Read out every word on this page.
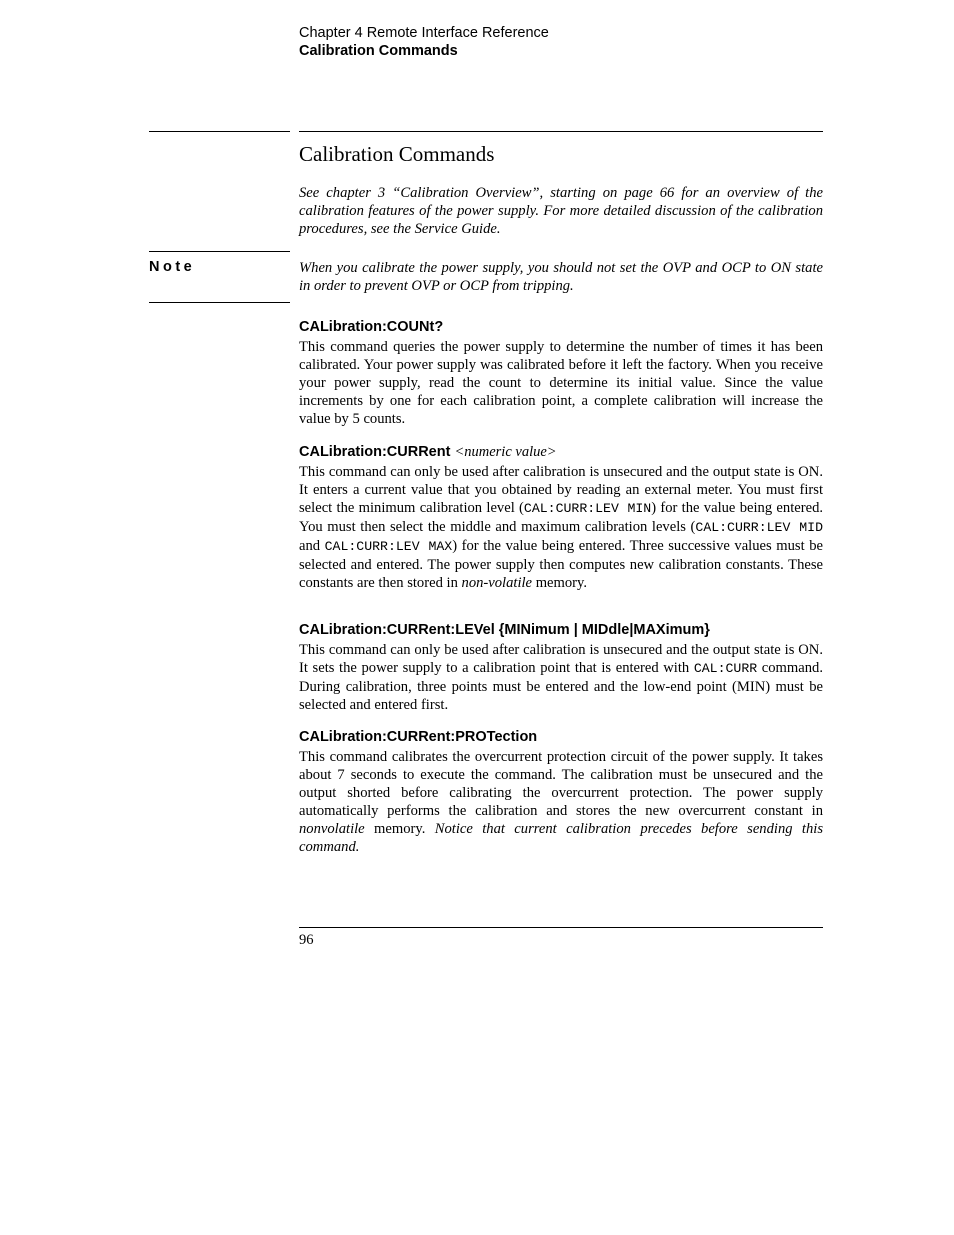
Chapter 4 Remote Interface Reference
Calibration Commands
Calibration Commands
See chapter 3 “Calibration Overview”, starting on page 66 for an overview of the calibration features of the power supply. For more detailed discussion of the calibration procedures, see the Service Guide.
Note	When you calibrate the power supply, you should not set the OVP and OCP to ON state in order to prevent OVP or OCP from tripping.
CALibration:COUNt?
This command queries the power supply to determine the number of times it has been calibrated. Your power supply was calibrated before it left the factory. When you receive your power supply, read the count to determine its initial value. Since the value increments by one for each calibration point, a complete calibration will increase the value by 5 counts.
CALibration:CURRent <numeric value>
This command can only be used after calibration is unsecured and the output state is ON. It enters a current value that you obtained by reading an external meter. You must first select the minimum calibration level (CAL:CURR:LEV MIN) for the value being entered. You must then select the middle and maximum calibration levels (CAL:CURR:LEV MID and CAL:CURR:LEV MAX) for the value being entered. Three successive values must be selected and entered. The power supply then computes new calibration constants. These constants are then stored in non-volatile memory.
CALibration:CURRent:LEVel {MINimum | MIDdle|MAXimum}
This command can only be used after calibration is unsecured and the output state is ON. It sets the power supply to a calibration point that is entered with CAL:CURR command. During calibration, three points must be entered and the low-end point (MIN) must be selected and entered first.
CALibration:CURRent:PROTection
This command calibrates the overcurrent protection circuit of the power supply. It takes about 7 seconds to execute the command. The calibration must be unsecured and the output shorted before calibrating the overcurrent protection. The power supply automatically performs the calibration and stores the new overcurrent constant in nonvolatile memory. Notice that current calibration precedes before sending this command.
96
